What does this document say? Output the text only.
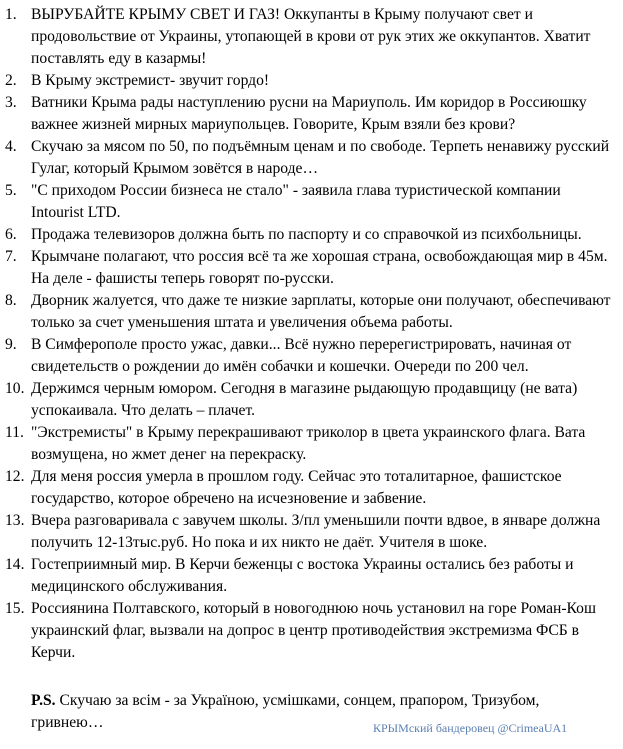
1. ВЫРУБАЙТЕ КРЫМУ СВЕТ И ГАЗ! Оккупанты в Крыму получают свет и продовольствие от Украины, утопающей в крови от рук этих же оккупантов. Хватит поставлять еду в казармы!
2. В Крыму экстремист- звучит гордо!
3. Ватники Крыма рады наступлению русни на Мариуполь. Им коридор в Россиюшку важнее жизней мирных мариупольцев. Говорите, Крым взяли без крови?
4. Скучаю за мясом по 50, по подъёмным ценам и по свободе. Терпеть ненавижу русский Гулаг, который Крымом зовётся в народе…
5. "С приходом России бизнеса не стало" - заявила глава туристической компании Intourist LTD.
6. Продажа телевизоров должна быть по паспорту и со справочкой из психбольницы.
7. Крымчане полагают, что россия всё та же хорошая страна, освобождающая мир в 45м. На деле - фашисты теперь говорят по-русски.
8. Дворник жалуется, что даже те низкие зарплаты, которые они получают, обеспечивают только за счет уменьшения штата и увеличения объема работы.
9. В Симферополе просто ужас, давки... Всё нужно перерегистрировать, начиная от свидетельств о рождении до имён собачки и кошечки. Очереди по 200 чел.
10. Держимся черным юмором. Сегодня в магазине рыдающую продавщицу (не вата) успокаивала. Что делать – плачет.
11. "Экстремисты" в Крыму перекрашивают триколор в цвета украинского флага. Вата возмущена, но жмет денег на перекраску.
12. Для меня россия умерла в прошлом году. Сейчас это тоталитарное, фашистское государство, которое обречено на исчезновение и забвение.
13. Вчера разговаривала с завучем школы. З/пл уменьшили почти вдвое, в январе должна получить 12-13тыс.руб. Но пока и их никто не даёт. Учителя в шоке.
14. Гостеприимный мир. В Керчи беженцы с востока Украины остались без работы и медицинского обслуживания.
15. Россиянина Полтавского, который в новогоднюю ночь установил на горе Роман-Кош украинский флаг, вызвали на допрос в центр противодействия экстремизма ФСБ в Керчи.
P.S. Скучаю за всім - за Україною, усмішками, сонцем, прапором, Тризубом, гривнею…	КРЫМский бандеровец @CrimeaUA1
